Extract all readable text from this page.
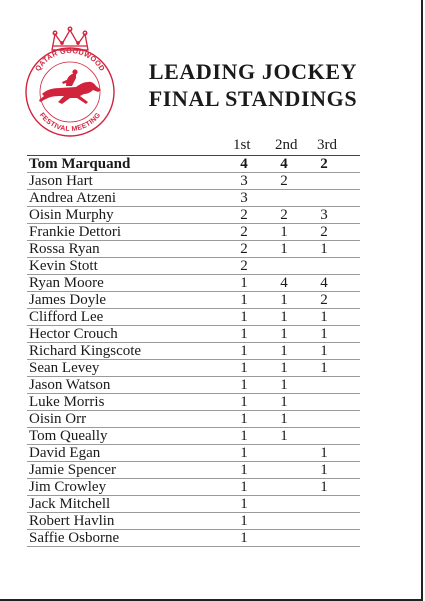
QATAR GOODWOOD
FESTIVAL MEETING
LEADING JOCKEY
FINAL STANDINGS
1st 2nd 3rd
Tom Marquand	4 4 2
Jason Hart	3 2
Andrea Atzeni	3
Oisin Murphy	2 2 3
Frankie Dettori	2 1 2
Rossa Ryan	2 1 1
Kevin Stott	2
Ryan Moore	1 4 4
James Doyle	1 1 2
Clifford Lee	1 1 1
Hector Crouch	1 1 1
Richard Kingscote	1 1 1
Sean Levey	1 1 1
Jason Watson	1 1
Luke Morris	1 1
Oisin Orr	1 1
Tom Queally	1 1
David Egan	1	1
Jamie Spencer	1	1
Jim Crowley	1	1
Jack Mitchell	1
Robert Havlin	1
Saffie Osborne	1
